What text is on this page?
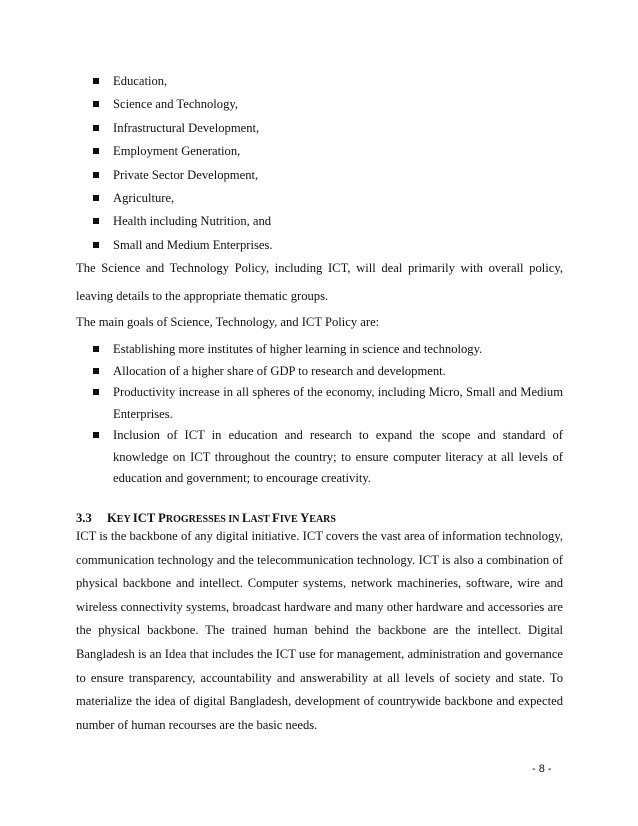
Education,
Science and Technology,
Infrastructural Development,
Employment Generation,
Private Sector Development,
Agriculture,
Health including Nutrition, and
Small and Medium Enterprises.

The Science and Technology Policy, including ICT, will deal primarily with overall policy, leaving details to the appropriate thematic groups.

The main goals of Science, Technology, and ICT Policy are:

Establishing more institutes of higher learning in science and technology.
Allocation of a higher share of GDP to research and development.
Productivity increase in all spheres of the economy, including Micro, Small and Medium Enterprises.
Inclusion of ICT in education and research to expand the scope and standard of knowledge on ICT throughout the country; to ensure computer literacy at all levels of education and government; to encourage creativity.
3.3 KEY ICT PROGRESSES IN LAST FIVE YEARS

ICT is the backbone of any digital initiative. ICT covers the vast area of information technology, communication technology and the telecommunication technology. ICT is also a combination of physical backbone and intellect. Computer systems, network machineries, software, wire and wireless connectivity systems, broadcast hardware and many other hardware and accessories are the physical backbone. The trained human behind the backbone are the intellect. Digital Bangladesh is an Idea that includes the ICT use for management, administration and governance to ensure transparency, accountability and answerability at all levels of society and state. To materialize the idea of digital Bangladesh, development of countrywide backbone and expected number of human recourses are the basic needs.

- 8 -
